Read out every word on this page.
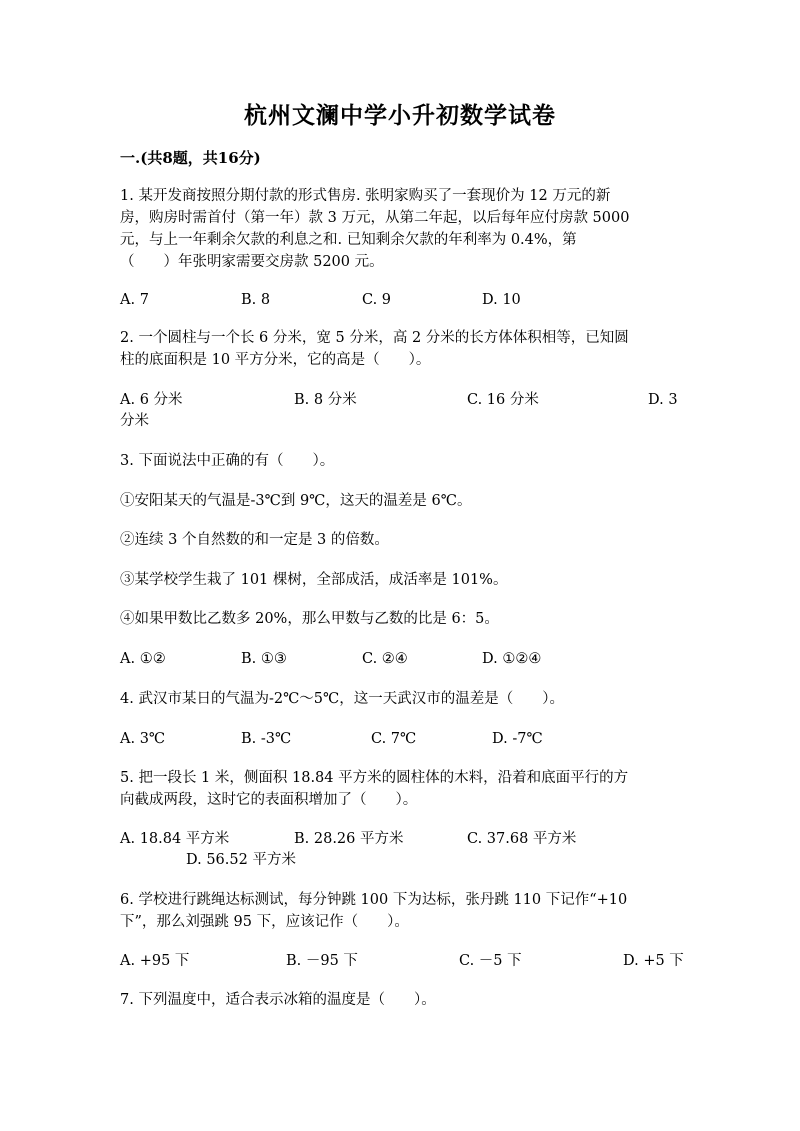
杭州文澜中学小升初数学试卷
一.(共8题，共16分)
1. 某开发商按照分期付款的形式售房. 张明家购买了一套现价为 12 万元的新
房，购房时需首付（第一年）款 3 万元，从第二年起，以后每年应付房款 5000
元，与上一年剩余欠款的利息之和. 已知剩余欠款的年利率为 0.4%，第
（　　）年张明家需要交房款 5200 元。
A. 7	B. 8	C. 9	D. 10
2. 一个圆柱与一个长 6 分米，宽 5 分米，高 2 分米的长方体体积相等，已知圆
柱的底面积是 10 平方分米，它的高是（　　）。
A. 6 分米	B. 8 分米	C. 16 分米	D. 3
分米
3. 下面说法中正确的有（　　）。
①安阳某天的气温是-3℃到 9℃，这天的温差是 6℃。
②连续 3 个自然数的和一定是 3 的倍数。
③某学校学生栽了 101 棵树，全部成活，成活率是 101%。
④如果甲数比乙数多 20%，那么甲数与乙数的比是 6：5。
A. ①②	B. ①③	C. ②④	D. ①②④
4. 武汉市某日的气温为-2℃～5℃，这一天武汉市的温差是（　　）。
A. 3℃	B. -3℃	C. 7℃	D. -7℃
5. 把一段长 1 米，侧面积 18.84 平方米的圆柱体的木料，沿着和底面平行的方
向截成两段，这时它的表面积增加了（　　）。
A. 18.84 平方米	B. 28.26 平方米	C. 37.68 平方米
D. 56.52 平方米
6. 学校进行跳绳达标测试，每分钟跳 100 下为达标，张丹跳 110 下记作“+10
下”，那么刘强跳 95 下，应该记作（　　）。
A. +95 下	B. －95 下	C. －5 下	D. +5 下
7. 下列温度中，适合表示冰箱的温度是（　　）。
